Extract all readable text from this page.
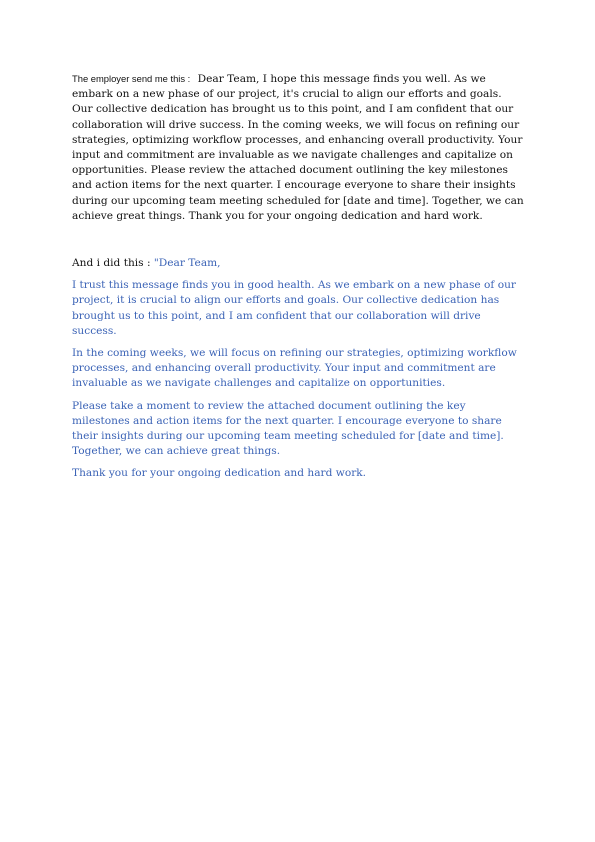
The employer send me this : Dear Team, I hope this message finds you well. As we embark on a new phase of our project, it's crucial to align our efforts and goals. Our collective dedication has brought us to this point, and I am confident that our collaboration will drive success. In the coming weeks, we will focus on refining our strategies, optimizing workflow processes, and enhancing overall productivity. Your input and commitment are invaluable as we navigate challenges and capitalize on opportunities. Please review the attached document outlining the key milestones and action items for the next quarter. I encourage everyone to share their insights during our upcoming team meeting scheduled for [date and time]. Together, we can achieve great things. Thank you for your ongoing dedication and hard work.

And i did this : "Dear Team,

I trust this message finds you in good health. As we embark on a new phase of our project, it is crucial to align our efforts and goals. Our collective dedication has brought us to this point, and I am confident that our collaboration will drive success.

In the coming weeks, we will focus on refining our strategies, optimizing workflow processes, and enhancing overall productivity. Your input and commitment are invaluable as we navigate challenges and capitalize on opportunities.

Please take a moment to review the attached document outlining the key milestones and action items for the next quarter. I encourage everyone to share their insights during our upcoming team meeting scheduled for [date and time]. Together, we can achieve great things.

Thank you for your ongoing dedication and hard work.
